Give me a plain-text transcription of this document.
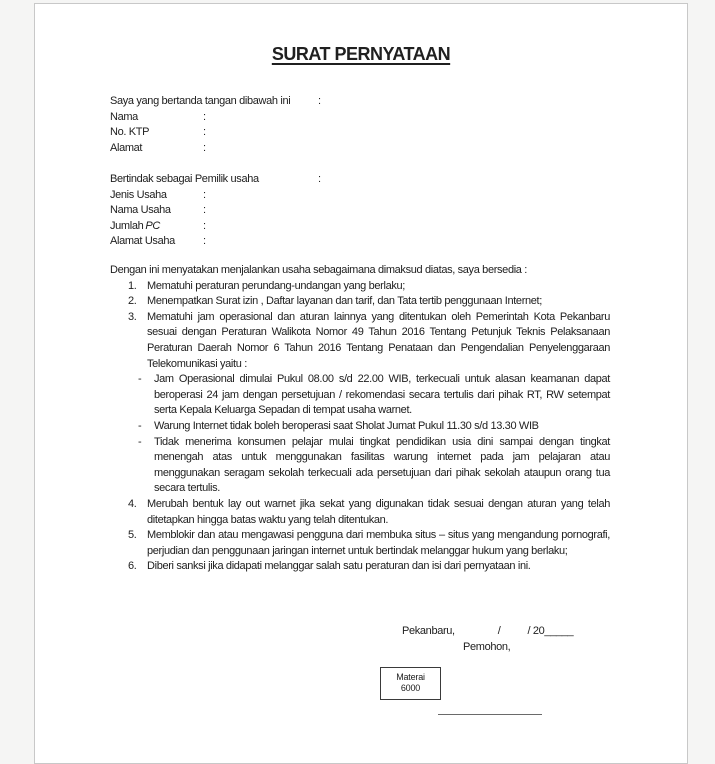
SURAT PERNYATAAN
Saya yang bertanda tangan dibawah ini	:
Nama	:
No. KTP	:
Alamat	:
Bertindak sebagai Pemilik usaha	:
Jenis Usaha	:
Nama Usaha	:
Jumlah PC	:
Alamat Usaha	:
Dengan ini menyatakan menjalankan usaha sebagaimana dimaksud diatas, saya bersedia :
1. Mematuhi peraturan perundang-undangan yang berlaku;
2. Menempatkan Surat izin , Daftar layanan dan tarif, dan Tata tertib penggunaan Internet;
3. Mematuhi jam operasional dan aturan lainnya yang ditentukan oleh Pemerintah Kota Pekanbaru sesuai dengan Peraturan Walikota Nomor 49 Tahun 2016 Tentang Petunjuk Teknis Pelaksanaan Peraturan Daerah Nomor 6 Tahun 2016 Tentang Penataan dan Pengendalian Penyelenggaraan Telekomunikasi yaitu :
-	Jam Operasional dimulai Pukul 08.00 s/d 22.00 WIB, terkecuali untuk alasan keamanan dapat beroperasi 24 jam dengan persetujuan / rekomendasi secara tertulis dari pihak RT, RW setempat serta Kepala Keluarga Sepadan di tempat usaha warnet.
-	Warung Internet tidak boleh beroperasi saat Sholat Jumat Pukul 11.30 s/d 13.30 WIB
-	Tidak menerima konsumen pelajar mulai tingkat pendidikan usia dini sampai dengan tingkat menengah atas untuk menggunakan fasilitas warung internet pada jam pelajaran atau menggunakan seragam sekolah terkecuali ada persetujuan dari pihak sekolah ataupun orang tua secara tertulis.
4. Merubah bentuk lay out warnet jika sekat yang digunakan tidak sesuai dengan aturan yang telah ditetapkan hingga batas waktu yang telah ditentukan.
5. Memblokir dan atau mengawasi pengguna dari membuka situs – situs yang mengandung pornografi, perjudian dan penggunaan jaringan internet untuk bertindak melanggar hukum yang berlaku;
6. Diberi sanksi jika didapati melanggar salah satu peraturan dan isi dari pernyataan ini.
Pekanbaru,	/ / 20_____
Pemohon,
Materai
6000
